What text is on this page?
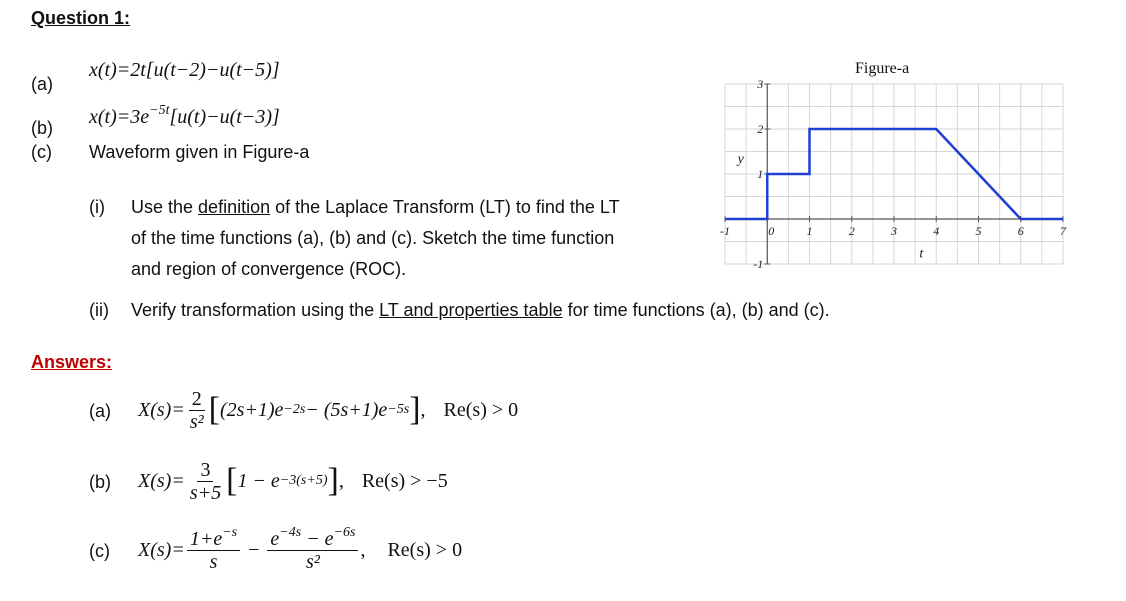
Question 1:
(a)
x(t)=2t[u(t−2)−u(t−5)]
(b) $x(t)=3e^{-5t}[u(t)-u(t-3)]$
(c) Waveform given in Figure-a
(i) Use the definition of the Laplace Transform (LT) to find the LT
of the time functions (a), (b) and (c). Sketch the time function
and region of convergence (ROC).
(ii) Verify transformation using the LT and properties table for time functions (a), (b) and (c).
Answers:
(a) $X(s)= \frac{2}{\text{s²}}$ [ (2s+1)e −2s − (5s+1)e −5s ] , Re(s) > 0
(b) $X(s)= \frac{3}{s+5}$ [ 1 − e −3(s+5) ] , Re(s) > −5
(c) $X(s)= \frac{1+e^{-s}}{s} - \frac{e^{-4s} - e^{-6s}}{\text{s²}}$ , Re(s) > 0
Figure-a
-1	0	1	2	3	4	5	6	7
-1
1
2
3
y
t
